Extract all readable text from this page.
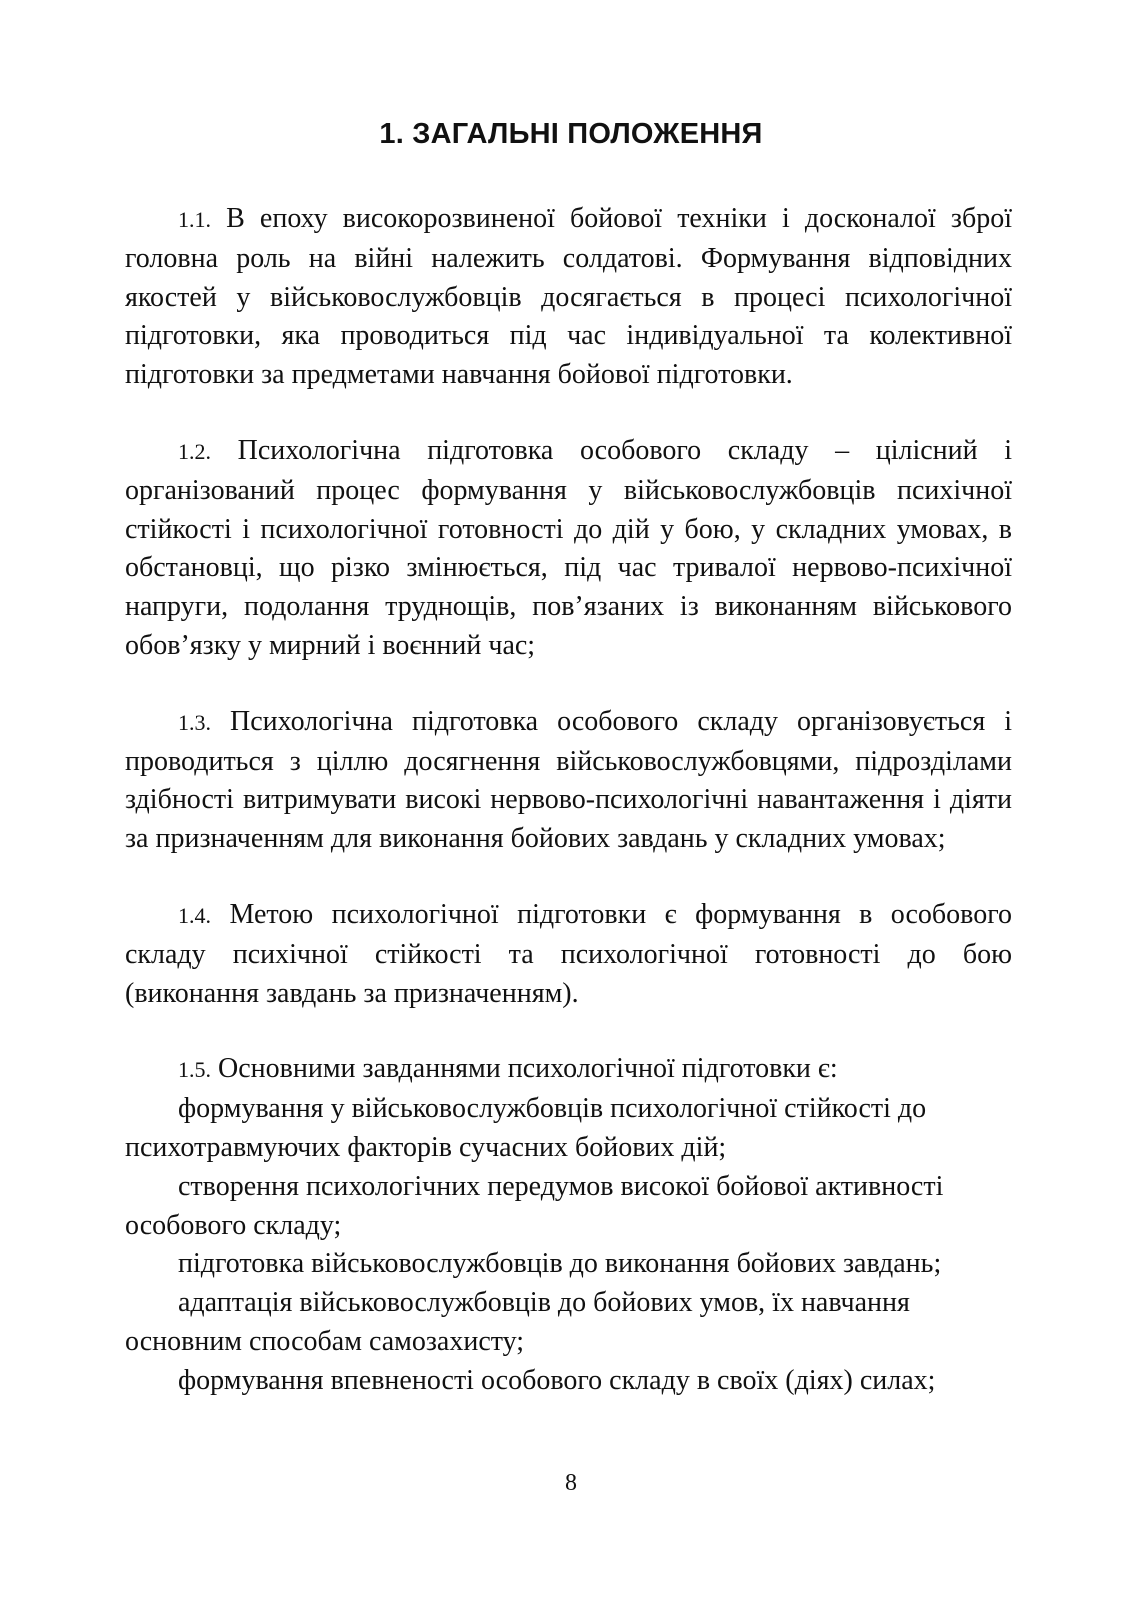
1. ЗАГАЛЬНІ ПОЛОЖЕННЯ

1.1. В епоху високорозвиненої бойової техніки і досконалої зброї головна роль на війні належить солдатові. Формування відповідних якостей у військовослужбовців досягається в процесі психологічної підготовки, яка проводиться під час індивідуальної та колективної підготовки за предметами навчання бойової підготовки.

1.2. Психологічна підготовка особового складу – цілісний і організований процес формування у військовослужбовців психічної стійкості і психологічної готовності до дій у бою, у складних умовах, в обстановці, що різко змінюється, під час тривалої нервово-психічної напруги, подолання труднощів, пов’язаних із виконанням військового обов’язку у мирний і воєнний час;

1.3. Психологічна підготовка особового складу організовується і проводиться з ціллю досягнення військовослужбовцями, підрозділами здібності витримувати високі нервово-психологічні навантаження і діяти за призначенням для виконання бойових завдань у складних умовах;

1.4. Метою психологічної підготовки є формування в особового складу психічної стійкості та психологічної готовності до бою (виконання завдань за призначенням).

1.5. Основними завданнями психологічної підготовки є:

формування у військовослужбовців психологічної стійкості до психотравмуючих факторів сучасних бойових дій;

створення психологічних передумов високої бойової активності особового складу;

підготовка військовослужбовців до виконання бойових завдань;

адаптація військовослужбовців до бойових умов, їх навчання основним способам самозахисту;

формування впевненості особового складу в своїх (діях) силах;

8
